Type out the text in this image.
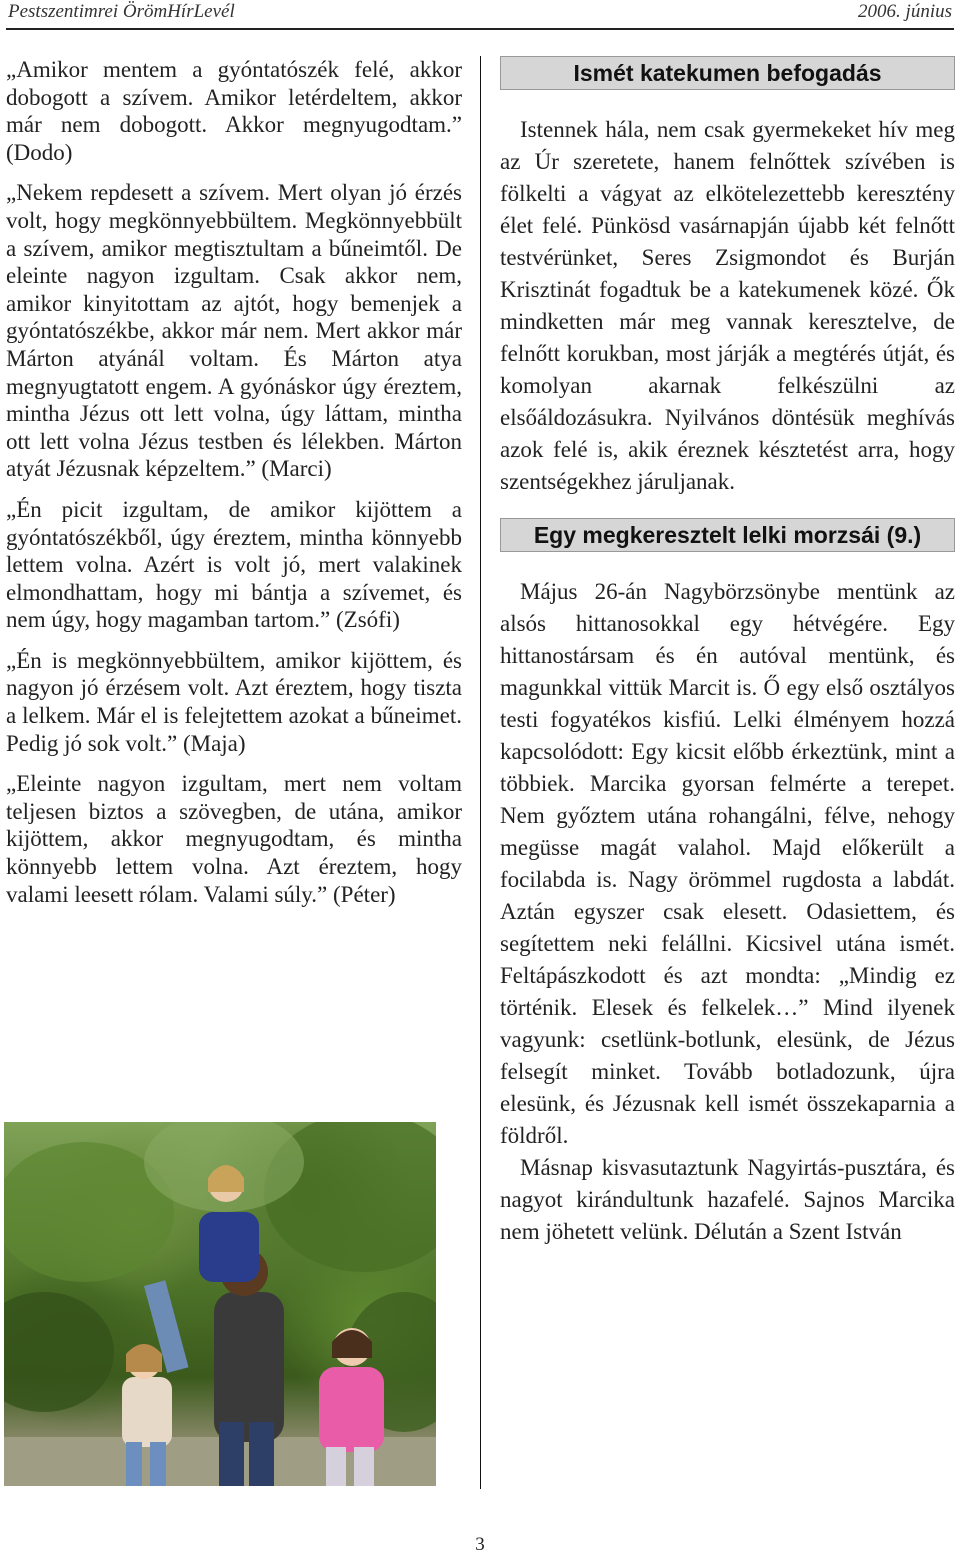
Pestszentimrei ÖrömHírLevél	2006. június

„Amikor mentem a gyóntatószék felé, akkor dobogott a szívem. Amikor letérdeltem, akkor már nem dobogott. Akkor megnyugodtam.” (Dodo)

„Nekem repdesett a szívem. Mert olyan jó érzés volt, hogy megkönnyebbültem. Megkönnyebbült a szívem, amikor megtisztultam a bűneimtől. De eleinte nagyon izgultam. Csak akkor nem, amikor kinyitottam az ajtót, hogy bemenjek a gyóntatószékbe, akkor már nem. Mert akkor már Márton atyánál voltam. És Márton atya megnyugtatott engem. A gyónáskor úgy éreztem, mintha Jézus ott lett volna, úgy láttam, mintha ott lett volna Jézus testben és lélekben. Márton atyát Jézusnak képzeltem.” (Marci)

„Én picit izgultam, de amikor kijöttem a gyóntatószékből, úgy éreztem, mintha könnyebb lettem volna. Azért is volt jó, mert valakinek elmondhattam, hogy mi bántja a szívemet, és nem úgy, hogy magamban tartom.” (Zsófi)

„Én is megkönnyebbültem, amikor kijöttem, és nagyon jó érzésem volt. Azt éreztem, hogy tiszta a lelkem. Már el is felejtettem azokat a bűneimet. Pedig jó sok volt.” (Maja)

„Eleinte nagyon izgultam, mert nem voltam teljesen biztos a szövegben, de utána, amikor kijöttem, akkor megnyugodtam, és mintha könnyebb lettem volna. Azt éreztem, hogy valami leesett rólam. Valami súly.” (Péter)

Ismét katekumen befogadás

Istennek hála, nem csak gyermekeket hív meg az Úr szeretete, hanem felnőttek szívében is fölkelti a vágyat az elkötelezettebb keresztény élet felé. Pünkösd vasárnapján újabb két felnőtt testvérünket, Seres Zsigmondot és Burján Krisztinát fogadtuk be a katekumenek közé. Ők mindketten már meg vannak keresztelve, de felnőtt korukban, most járják a megtérés útját, és komolyan akarnak felkészülni az elsőáldozásukra. Nyilvános döntésük meghívás azok felé is, akik éreznek késztetést arra, hogy szentségekhez járuljanak.

Egy megkeresztelt lelki morzsái (9.)

Május 26-án Nagybörzsönybe mentünk az alsós hittanosokkal egy hétvégére. Egy hittanostársam és én autóval mentünk, és magunkkal vittük Marcit is. Ő egy első osztályos testi fogyatékos kisfiú. Lelki élményem hozzá kapcsolódott: Egy kicsit előbb érkeztünk, mint a többiek. Marcika gyorsan felmérte a terepet. Nem győztem utána rohangálni, félve, nehogy megüsse magát valahol. Majd előkerült a focilabda is. Nagy örömmel rugdosta a labdát. Aztán egyszer csak elesett. Odasiettem, és segítettem neki felállni. Kicsivel utána ismét. Feltápászkodott és azt mondta: „Mindig ez történik. Elesek és felkelek…” Mind ilyenek vagyunk: csetlünk-botlunk, elesünk, de Jézus felsegít minket. Tovább botladozunk, újra elesünk, és Jézusnak kell ismét összekaparnia a földről.

Másnap kisvasutaztunk Nagyirtás-pusztára, és nagyot kirándultunk hazafelé. Sajnos Marcika nem jöhetett velünk. Délután a Szent István

3
